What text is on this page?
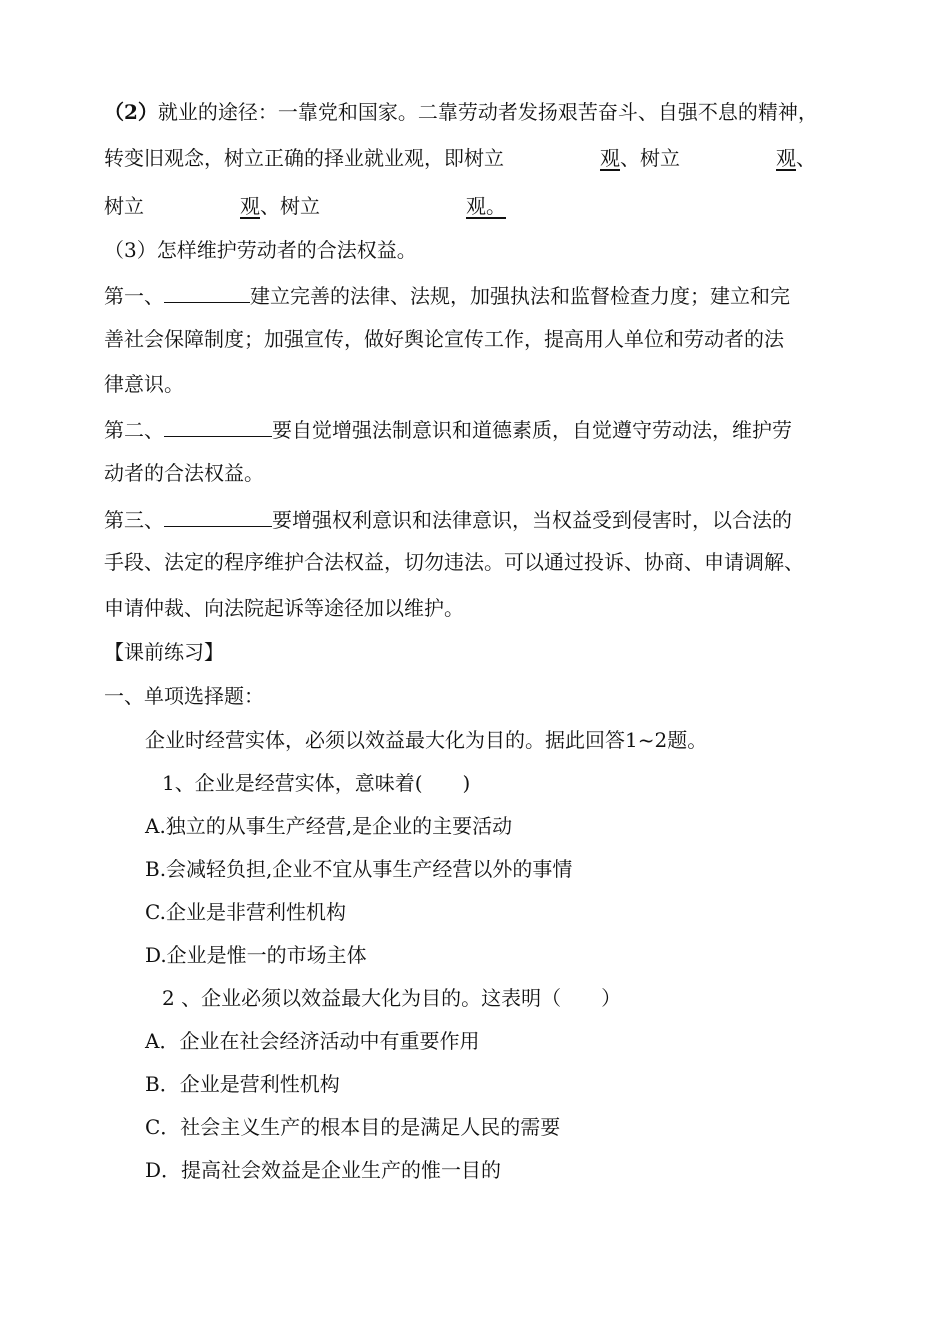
（2）就业的途径：一靠党和国家。二靠劳动者发扬艰苦奋斗、自强不息的精神，
转变旧观念，树立正确的择业就业观，即树立	观、树立	观、
树立	观、树立	观。
（3）怎样维护劳动者的合法权益。
第一、	建立完善的法律、法规，加强执法和监督检查力度；建立和完
善社会保障制度；加强宣传，做好舆论宣传工作，提高用人单位和劳动者的法
律意识。
第二、	要自觉增强法制意识和道德素质，自觉遵守劳动法，维护劳
动者的合法权益。
第三、	要增强权利意识和法律意识，当权益受到侵害时，以合法的
手段、法定的程序维护合法权益，切勿违法。可以通过投诉、协商、申请调解、
申请仲裁、向法院起诉等途径加以维护。
【课前练习】
一、单项选择题：
企业时经营实体，必须以效益最大化为目的。据此回答1~2题。
1、企业是经营实体，意味着(　　)
A.独立的从事生产经营,是企业的主要活动
B.会减轻负担,企业不宜从事生产经营以外的事情
C.企业是非营利性机构
D.企业是惟一的市场主体
2 、企业必须以效益最大化为目的。这表明（　　）
A．企业在社会经济活动中有重要作用
B．企业是营利性机构
C．社会主义生产的根本目的是满足人民的需要
D．提高社会效益是企业生产的惟一目的
